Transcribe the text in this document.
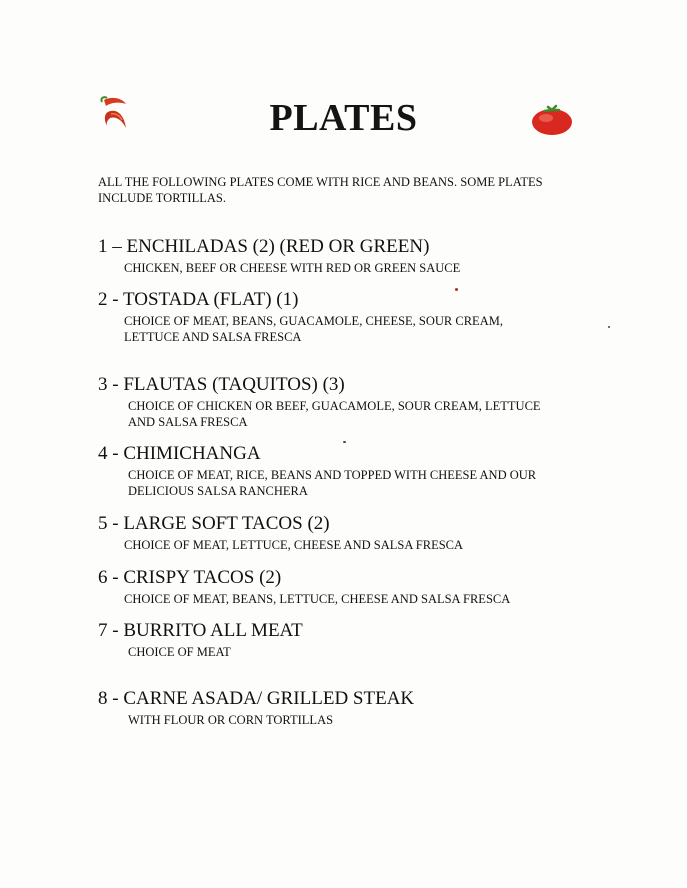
PLATES
ALL THE FOLLOWING PLATES COME WITH RICE AND BEANS. SOME PLATES INCLUDE TORTILLAS.
1 – ENCHILADAS (2) (RED OR GREEN)
CHICKEN, BEEF OR CHEESE WITH RED OR GREEN SAUCE
2 - TOSTADA (FLAT) (1)
CHOICE OF MEAT, BEANS, GUACAMOLE, CHEESE, SOUR CREAM,
LETTUCE AND SALSA FRESCA
3 - FLAUTAS (TAQUITOS) (3)
CHOICE OF CHICKEN OR BEEF, GUACAMOLE, SOUR CREAM, LETTUCE
AND SALSA FRESCA
4 - CHIMICHANGA
CHOICE OF MEAT, RICE, BEANS AND TOPPED WITH CHEESE AND OUR
DELICIOUS SALSA RANCHERA
5 - LARGE SOFT TACOS (2)
CHOICE OF MEAT, LETTUCE, CHEESE AND SALSA FRESCA
6 - CRISPY TACOS (2)
CHOICE OF MEAT, BEANS, LETTUCE, CHEESE AND SALSA FRESCA
7 - BURRITO ALL MEAT
CHOICE OF MEAT
8 - CARNE ASADA/ GRILLED STEAK
WITH FLOUR OR CORN TORTILLAS
